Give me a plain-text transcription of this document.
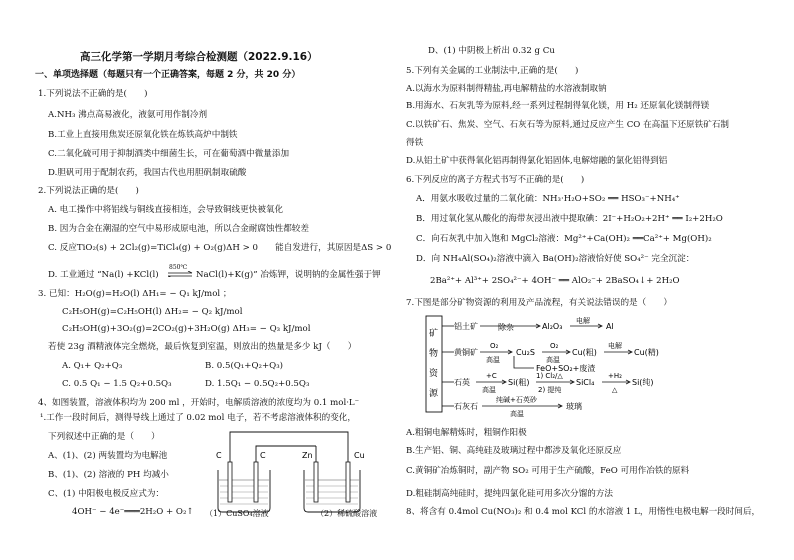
高三化学第一学期月考综合检测题（2022.9.16）
一、单项选择题（每题只有一个正确答案，每题 2 分，共 20 分）
1.下列说法不正确的是(　　)
A.NH₃ 沸点高易液化，液氨可用作制冷剂
B.工业上直接用焦炭还原氧化铁在炼铁高炉中制铁
C.二氧化硫可用于抑制酒类中细菌生长，可在葡萄酒中微量添加
D.胆矾可用于配制农药，我国古代也用胆矾制取硫酸
2.下列说法正确的是(　　)
A. 电工操作中将铝线与铜线直接相连，会导致铜线更快被氧化
B. 因为合金在潮湿的空气中易形成原电池，所以合金耐腐蚀性都较差
C. 反应TiO₂(s) + 2Cl₂(g)=TiCl₄(g) + O₂(g)ΔH > 0　　能自发进行，其原因是ΔS > 0
D. 工业通过 “Na(l) +KCl(l)
850℃
NaCl(l)+K(g)” 冶炼钾，说明钠的金属性强于钾
3. 已知：H₂O(g)=H₂O(l) ΔH₁= − Q₁ kJ/mol ；
C₂H₅OH(g)=C₂H₅OH(l) ΔH₂= − Q₂ kJ/mol
C₂H₅OH(g)+3O₂(g)=2CO₂(g)+3H₂O(g) ΔH₃= − Q₃ kJ/mol
若使 23g 酒精液体完全燃烧，最后恢复到室温，则放出的热量是多少 kJ（　　）
A. Q₁+ Q₂+Q₃	B. 0.5(Q₁+Q₂+Q₃)
C. 0.5 Q₁ − 1.5 Q₂+0.5Q₃	D. 1.5Q₁ − 0.5Q₂+0.5Q₃
4、如图装置，溶液体积均为 200 ml ，开始时，电解质溶液的浓度均为 0.1 mol·L⁻
¹.工作一段时间后，测得导线上通过了 0.02 mol 电子，若不考虑溶液体积的变化，
下列叙述中正确的是（　　）
A、(1)、(2) 两装置均为电解池
B、(1)、(2) 溶液的 PH 均减小
C、(1) 中阳极电极反应式为：
4OH⁻ − 4e⁻═══2H₂O + O₂↑
C	C	Zn	Cu
（1）CuSO₄溶液	（2）稀硫酸溶液
D、(1) 中阴极上析出 0.32 g Cu
5.下列有关金属的工业制法中,正确的是(　　)
A.以海水为原料制得精盐,再电解精盐的水溶液制取钠
B.用海水、石灰乳等为原料,经一系列过程制得氧化镁，用 H₂ 还原氧化镁制得镁
C.以铁矿石、焦炭、空气、石灰石等为原料,通过反应产生 CO 在高温下还原铁矿石制
得铁
D.从铝土矿中获得氧化铝再制得氯化铝固体,电解熔融的氯化铝得到铝
6.下列反应的离子方程式书写不正确的是(　　)
A．用氨水吸收过量的二氧化硫：NH₃·H₂O+SO₂ ══ HSO₃⁻+NH₄⁺
B．用过氧化氢从酸化的海带灰浸出液中提取碘：2I⁻+H₂O₂+2H⁺ ══ I₂+2H₂O
C．向石灰乳中加入饱和 MgCl₂溶液：Mg²⁺+Ca(OH)₂ ══Ca²⁺+ Mg(OH)₂
D．向 NH₄Al(SO₄)₂溶液中滴入 Ba(OH)₂溶液恰好使 SO₄²⁻ 完全沉淀：
2Ba²⁺+ Al³⁺+ 2SO₄²⁻+ 4OH⁻ ══ AlO₂⁻+ 2BaSO₄↓+ 2H₂O
7.下图是部分矿物资源的利用及产品流程，有关说法错误的是（　　）
矿
物
资
源
铝土矿	除杂	Al₂O₃
电解
Al
黄铜矿
O₂
高温
Cu₂S
O₂
高温
Cu(粗)
电解
Cu(精)
FeO+SO₂+废渣
石英
+C
高温
Si(粗)
1) Cl₂/△
2) 提纯
SiCl₄
+H₂
△
Si(纯)
石灰石
纯碱+石英砂
高温
玻璃
A.粗铜电解精炼时，粗铜作阳极
B.生产铝、铜、高纯硅及玻璃过程中都涉及氧化还原反应
C.黄铜矿冶炼铜时，副产物 SO₂ 可用于生产硫酸，FeO 可用作冶铁的原料
D.粗硅制高纯硅时，提纯四氯化硅可用多次分馏的方法
8、将含有 0.4mol Cu(NO₃)₂ 和 0.4 mol KCl 的水溶液 1 L，用惰性电极电解一段时间后，
